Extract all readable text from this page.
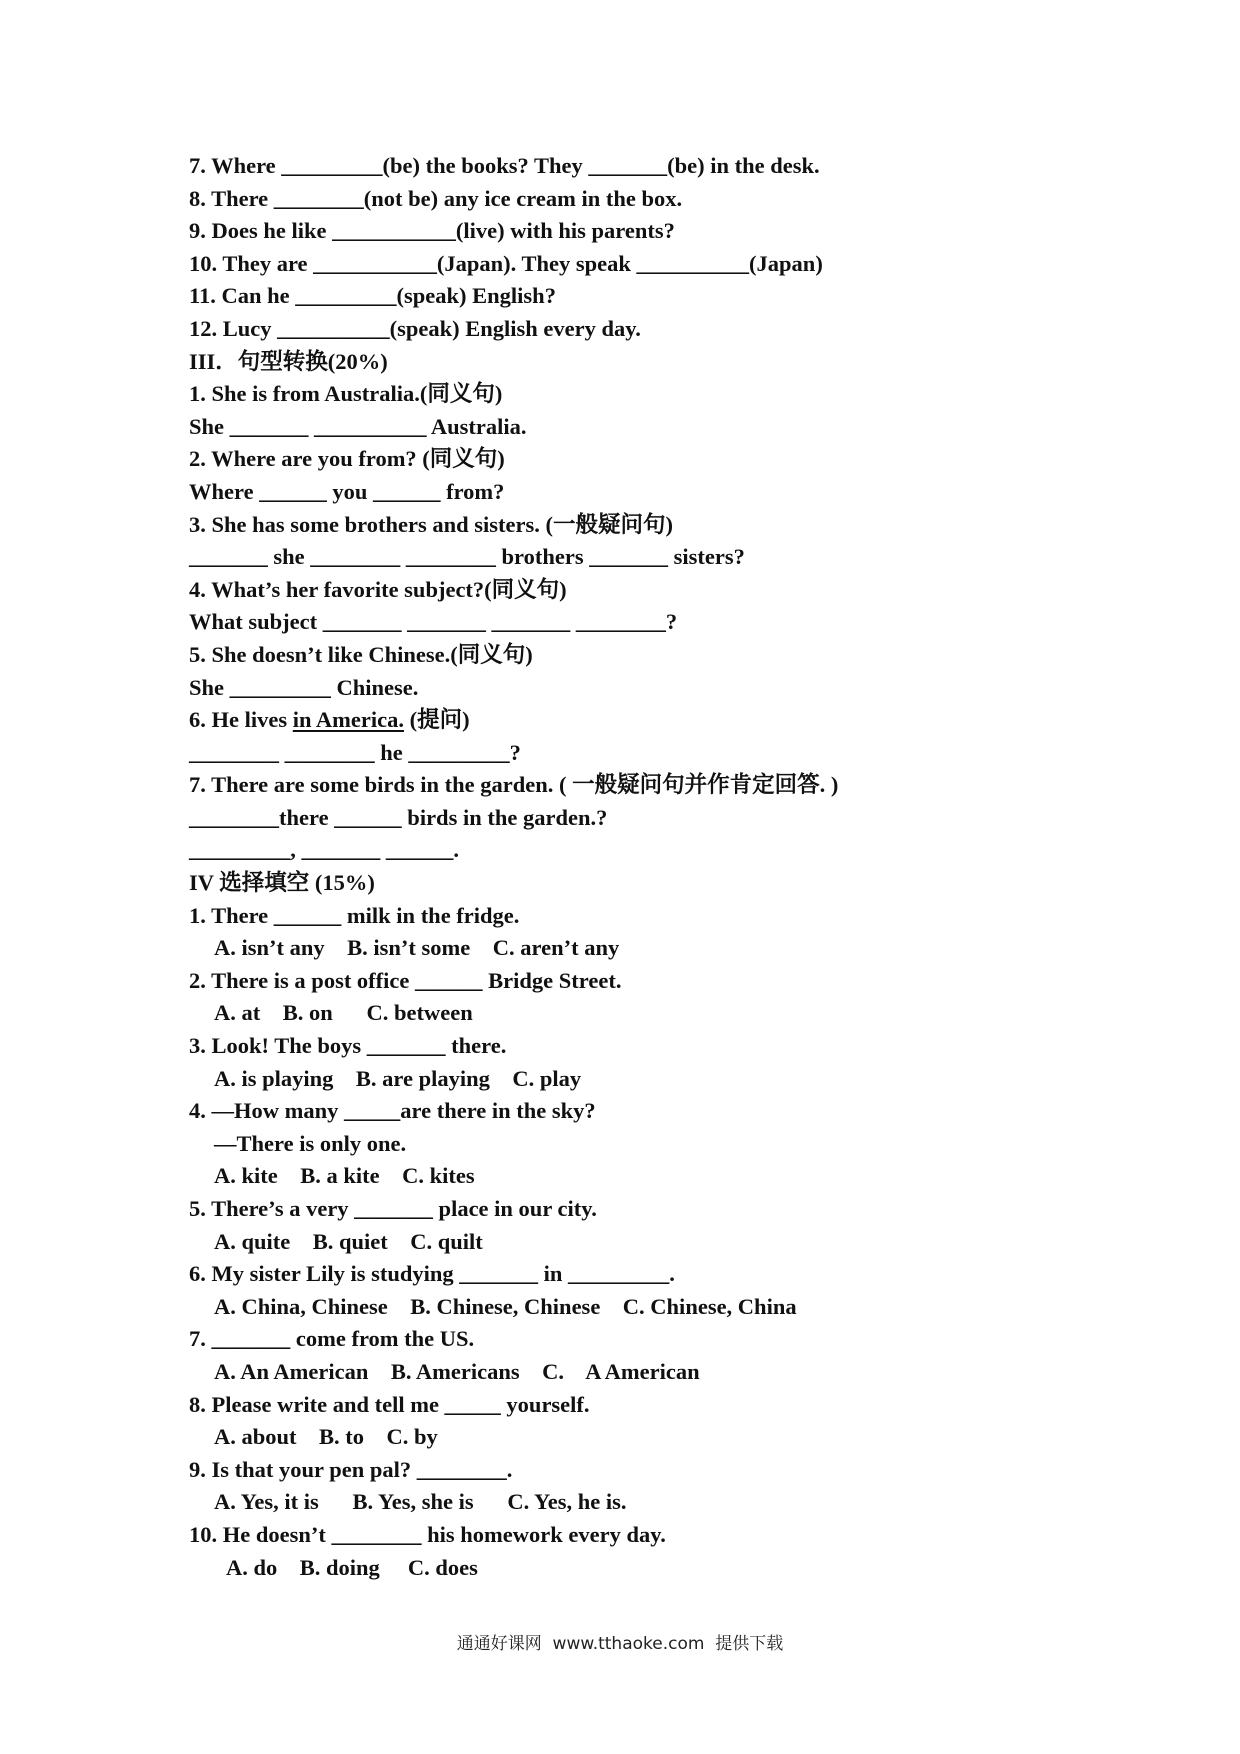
7. Where _________(be) the books? They _______(be) in the desk.
8. There ________(not be) any ice cream in the box.
9. Does he like ___________(live) with his parents?
10. They are ___________(Japan). They speak __________(Japan)
11. Can he _________(speak) English?
12. Lucy __________(speak) English every day.
III．句型转换(20%)
1. She is from Australia.(同义句)
She _______ __________ Australia.
2. Where are you from? (同义句)
Where ______ you ______ from?
3. She has some brothers and sisters. (一般疑问句)
_______ she ________ ________ brothers _______ sisters?
4. What’s her favorite subject?(同义句)
What subject _______ _______ _______ ________?
5. She doesn’t like Chinese.(同义句)
She _________ Chinese.
6. He lives in America. (提问)
________ ________ he _________?
7. There are some birds in the garden. ( 一般疑问句并作肯定回答. )
________there ______ birds in the garden.?
_________, _______ ______.
IV 选择填空 (15%)
1. There ______ milk in the fridge.
A. isn’t any    B. isn’t some    C. aren’t any
2. There is a post office ______ Bridge Street.
A. at    B. on      C. between
3. Look! The boys _______ there.
A. is playing    B. are playing    C. play
4. —How many _____are there in the sky?
—There is only one.
A. kite    B. a kite    C. kites
5. There’s a very _______ place in our city.
A. quite    B. quiet    C. quilt
6. My sister Lily is studying _______ in _________.
A. China, Chinese    B. Chinese, Chinese    C. Chinese, China
7. _______ come from the US.
A. An American    B. Americans    C.    A American
8. Please write and tell me _____ yourself.
A. about    B. to    C. by
9. Is that your pen pal? ________.
A. Yes, it is      B. Yes, she is      C. Yes, he is.
10. He doesn’t ________ his homework every day.
A. do    B. doing     C. does
通通好课网  www.tthaoke.com  提供下载
